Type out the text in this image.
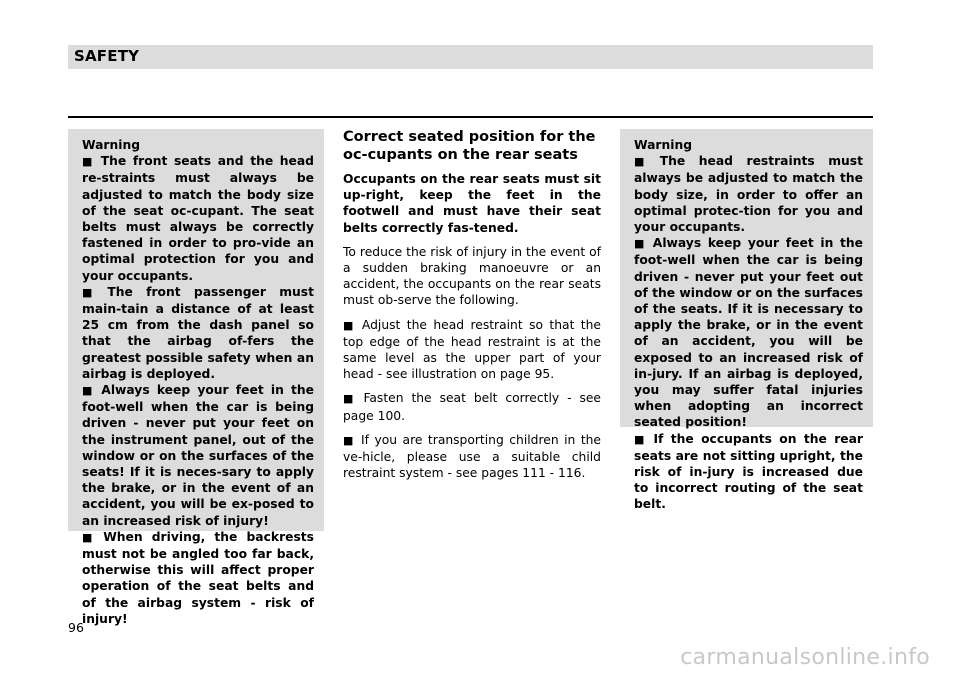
SAFETY
Warning

■ The front seats and the head re-straints must always be adjusted to match the body size of the seat oc-cupant. The seat belts must always be correctly fastened in order to pro-vide an optimal protection for you and your occupants.

■ The front passenger must main-tain a distance of at least 25 cm from the dash panel so that the airbag of-fers the greatest possible safety when an airbag is deployed.

■ Always keep your feet in the foot-well when the car is being driven - never put your feet on the instrument panel, out of the window or on the surfaces of the seats! If it is neces-sary to apply the brake, or in the event of an accident, you will be ex-posed to an increased risk of injury!

■ When driving, the backrests must not be angled too far back, otherwise this will affect proper operation of the seat belts and of the airbag system - risk of injury!

Correct seated position for the oc-cupants on the rear seats

Occupants on the rear seats must sit up-right, keep the feet in the footwell and must have their seat belts correctly fas-tened.

To reduce the risk of injury in the event of a sudden braking manoeuvre or an accident, the occupants on the rear seats must ob-serve the following.

■ Adjust the head restraint so that the top edge of the head restraint is at the same level as the upper part of your head - see illustration on page 95.

■ Fasten the seat belt correctly - see page 100.

■ If you are transporting children in the ve-hicle, please use a suitable child restraint system - see pages 111 - 116.

Warning

■ The head restraints must always be adjusted to match the body size, in order to offer an optimal protec-tion for you and your occupants.

■ Always keep your feet in the foot-well when the car is being driven - never put your feet out of the window or on the surfaces of the seats. If it is necessary to apply the brake, or in the event of an accident, you will be exposed to an increased risk of in-jury. If an airbag is deployed, you may suffer fatal injuries when adopting an incorrect seated position!

■ If the occupants on the rear seats are not sitting upright, the risk of in-jury is increased due to incorrect routing of the seat belt.

96
carmanualsonline.info
